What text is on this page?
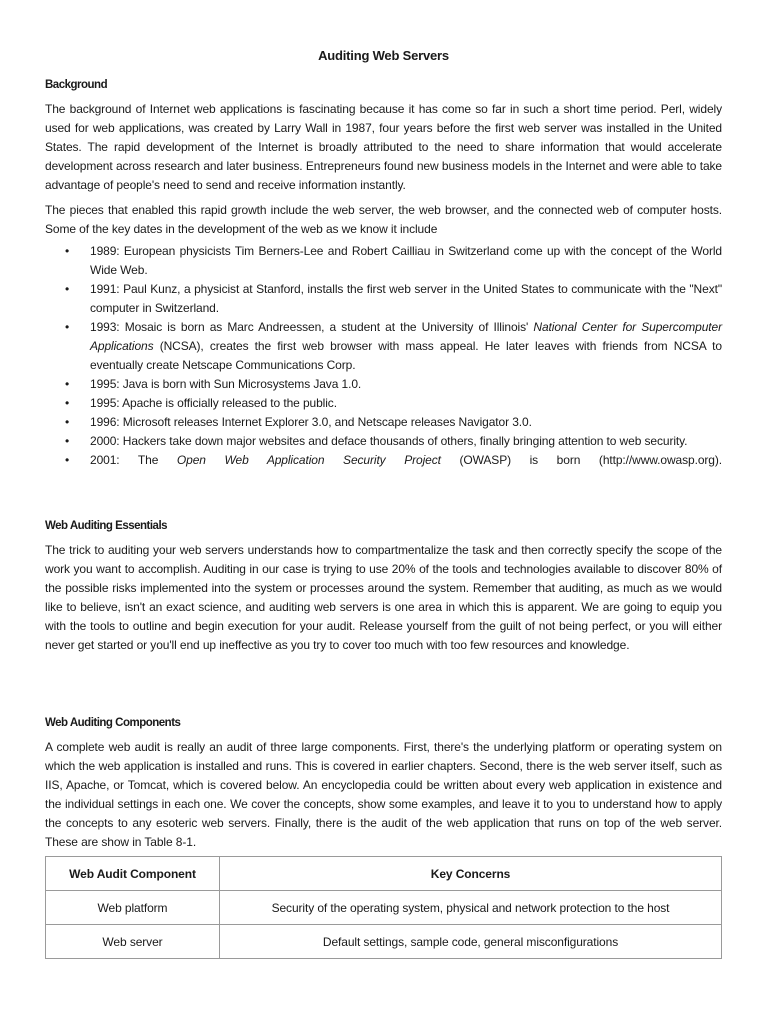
Auditing Web Servers
Background
The background of Internet web applications is fascinating because it has come so far in such a short time period. Perl, widely used for web applications, was created by Larry Wall in 1987, four years before the first web server was installed in the United States. The rapid development of the Internet is broadly attributed to the need to share information that would accelerate development across research and later business. Entrepreneurs found new business models in the Internet and were able to take advantage of people's need to send and receive information instantly.
The pieces that enabled this rapid growth include the web server, the web browser, and the connected web of computer hosts. Some of the key dates in the development of the web as we know it include
• 1989: European physicists Tim Berners-Lee and Robert Cailliau in Switzerland come up with the concept of the World Wide Web.
• 1991: Paul Kunz, a physicist at Stanford, installs the first web server in the United States to communicate with the "Next" computer in Switzerland.
• 1993: Mosaic is born as Marc Andreessen, a student at the University of Illinois' National Center for Supercomputer Applications (NCSA), creates the first web browser with mass appeal. He later leaves with friends from NCSA to eventually create Netscape Communications Corp.
• 1995: Java is born with Sun Microsystems Java 1.0.
• 1995: Apache is officially released to the public.
• 1996: Microsoft releases Internet Explorer 3.0, and Netscape releases Navigator 3.0.
• 2000: Hackers take down major websites and deface thousands of others, finally bringing attention to web security.
• 2001: The Open Web Application Security Project (OWASP) is born (http://www.owasp.org).
Web Auditing Essentials
The trick to auditing your web servers understands how to compartmentalize the task and then correctly specify the scope of the work you want to accomplish. Auditing in our case is trying to use 20% of the tools and technologies available to discover 80% of the possible risks implemented into the system or processes around the system. Remember that auditing, as much as we would like to believe, isn't an exact science, and auditing web servers is one area in which this is apparent. We are going to equip you with the tools to outline and begin execution for your audit. Release yourself from the guilt of not being perfect, or you will either never get started or you'll end up ineffective as you try to cover too much with too few resources and knowledge.
Web Auditing Components
A complete web audit is really an audit of three large components. First, there's the underlying platform or operating system on which the web application is installed and runs. This is covered in earlier chapters. Second, there is the web server itself, such as IIS, Apache, or Tomcat, which is covered below. An encyclopedia could be written about every web application in existence and the individual settings in each one. We cover the concepts, show some examples, and leave it to you to understand how to apply the concepts to any esoteric web servers. Finally, there is the audit of the web application that runs on top of the web server. These are show in Table 8-1.
Web Audit Component	Key Concerns
Web platform	Security of the operating system, physical and network protection to the host
Web server	Default settings, sample code, general misconfigurations
